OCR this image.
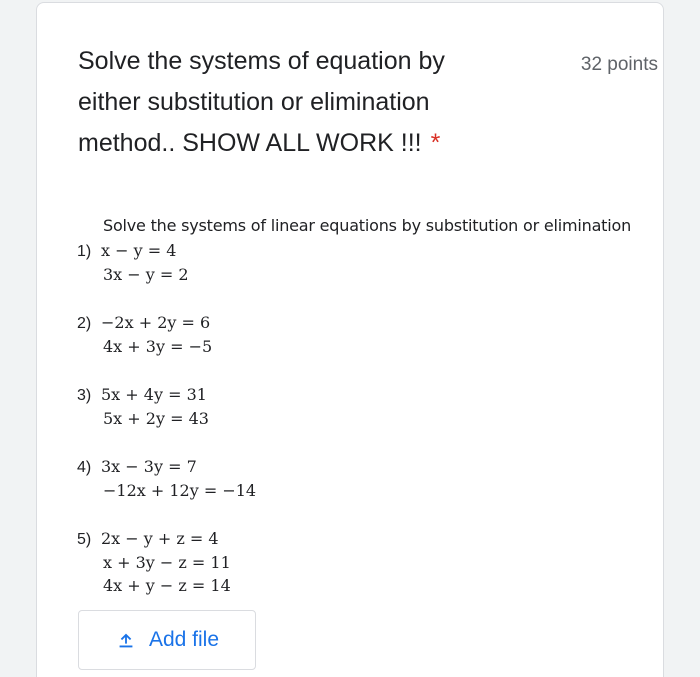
Solve the systems of equation by either substitution or elimination method.. SHOW ALL WORK !!! *
32 points
Solve the systems of linear equations by substitution or elimination
1) x − y = 4
3x − y = 2
2) −2x + 2y = 6
4x + 3y = −5
3) 5x + 4y = 31
5x + 2y = 43
4) 3x − 3y = 7
−12x + 12y = −14
5) 2x − y + z = 4
x + 3y − z = 11
4x + y − z = 14
Add file
